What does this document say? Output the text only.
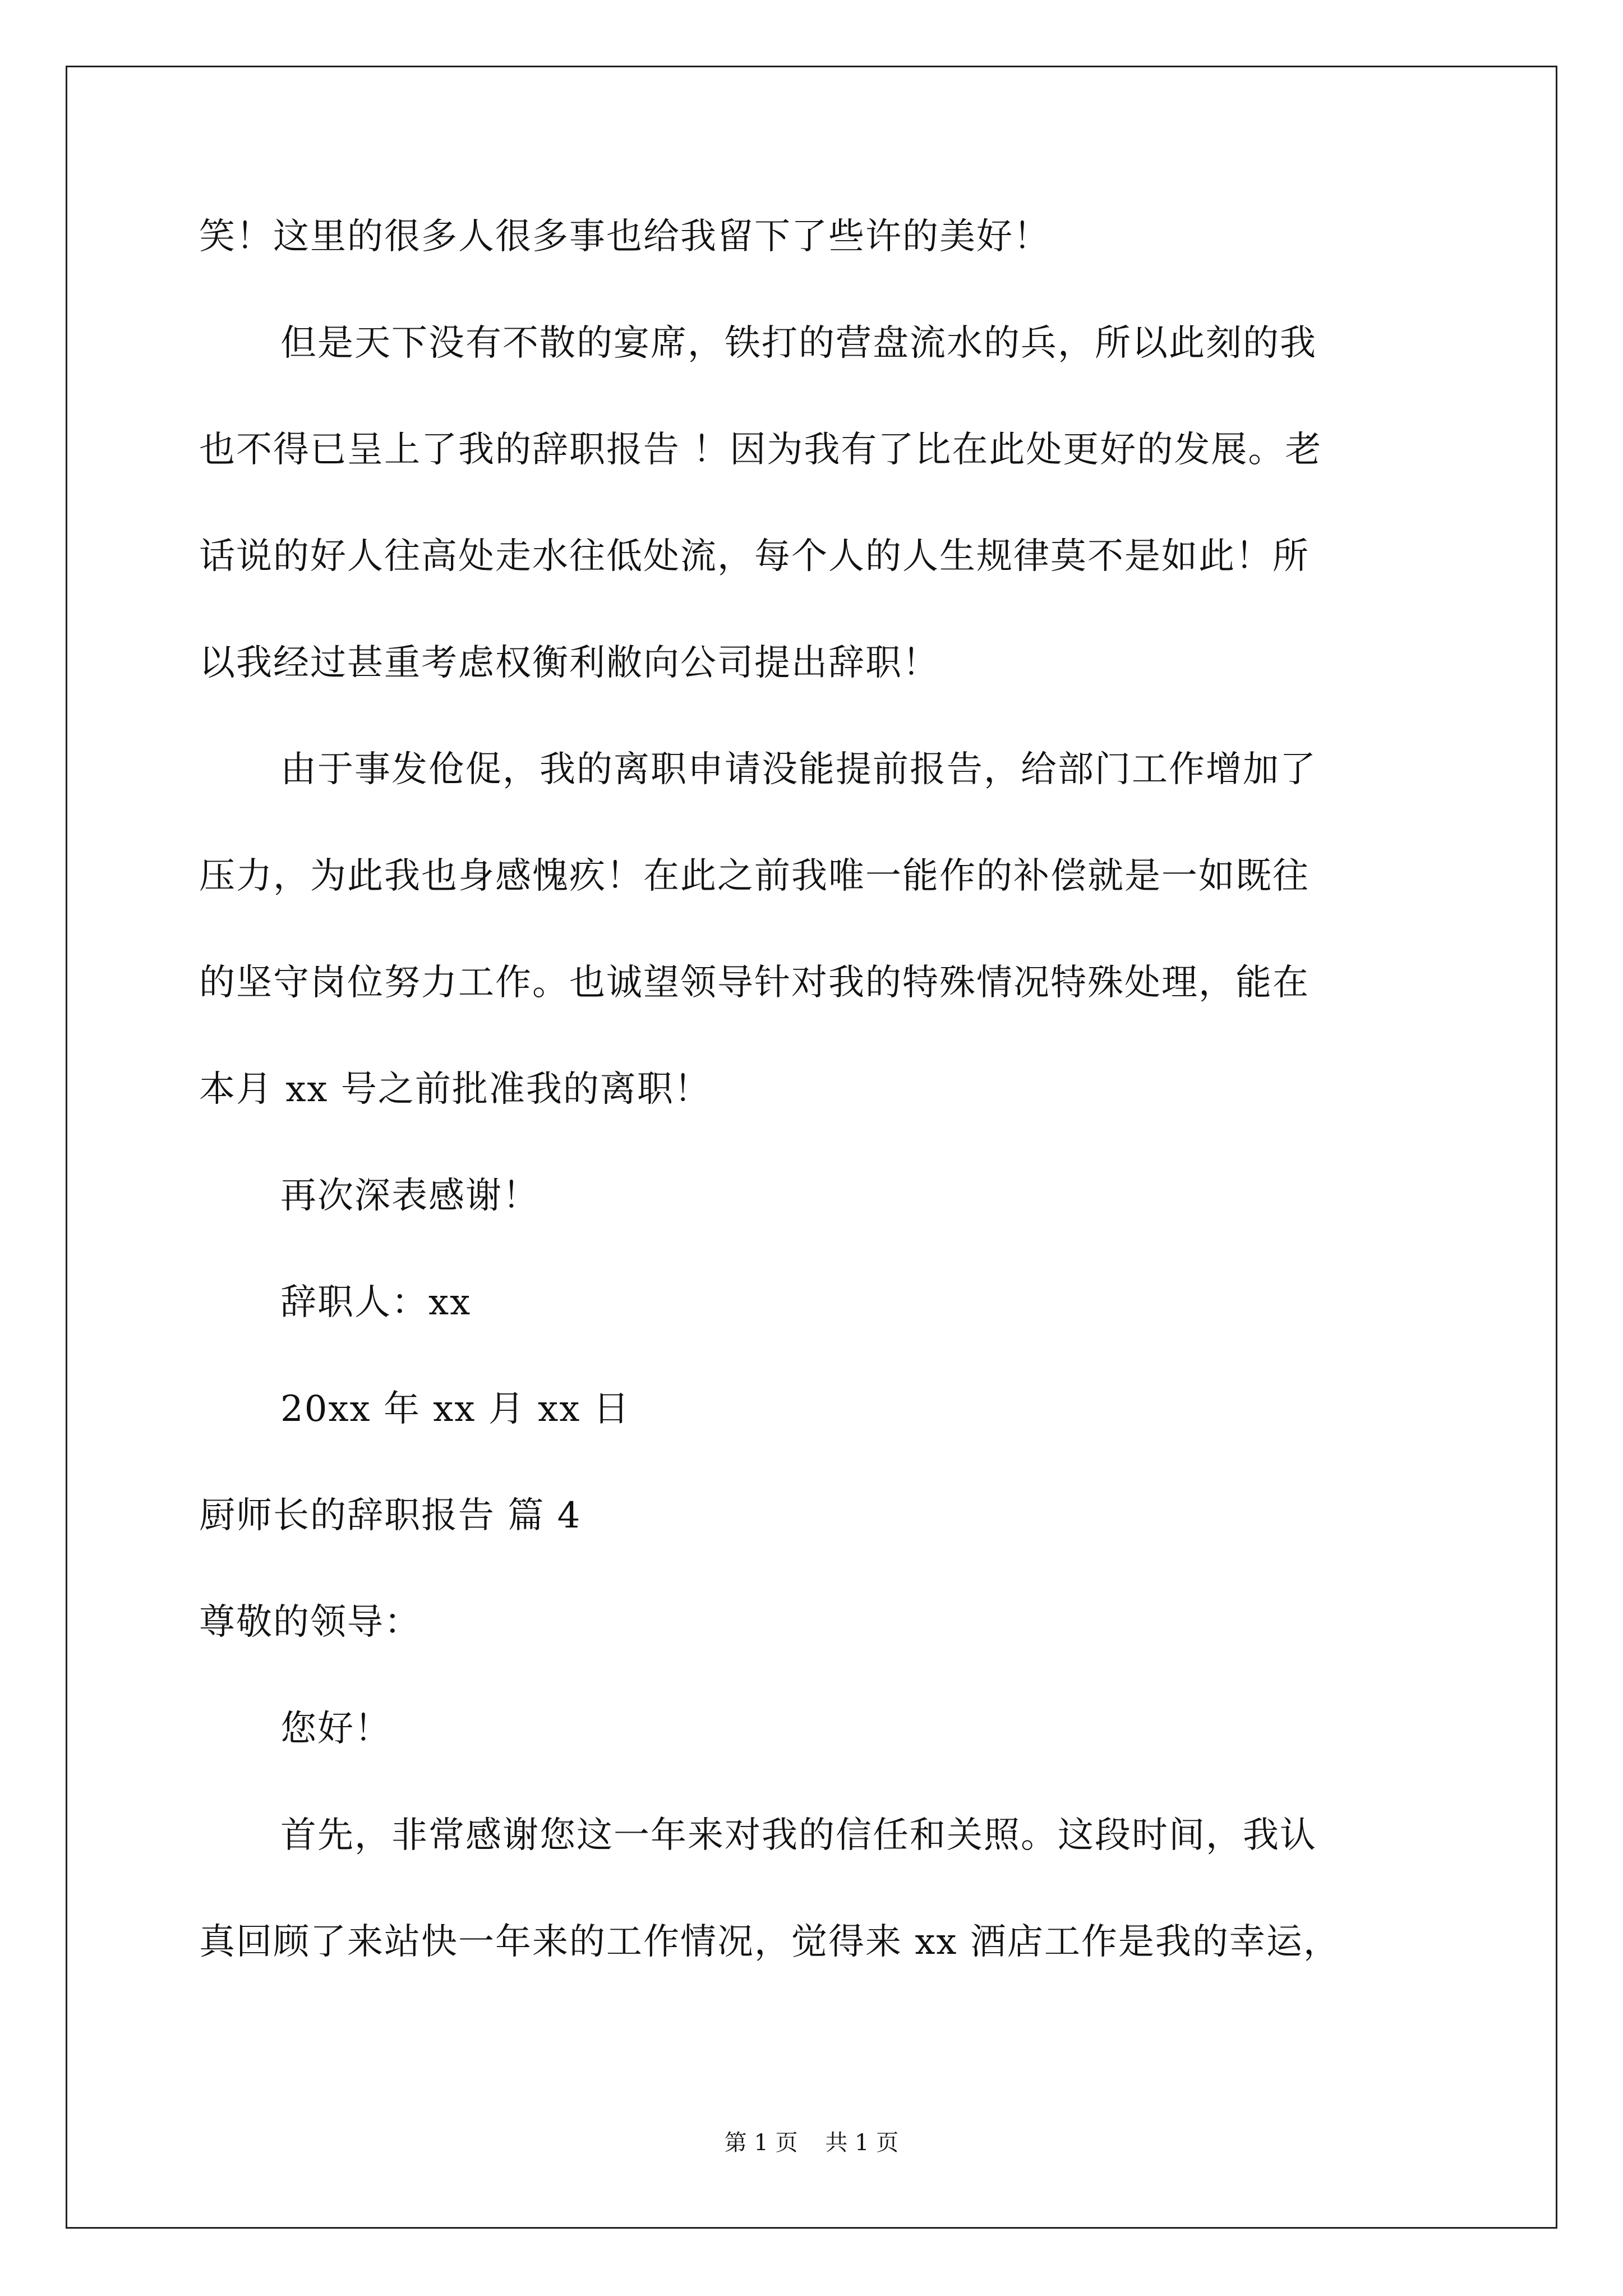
笑！这里的很多人很多事也给我留下了些许的美好！
但是天下没有不散的宴席，铁打的营盘流水的兵，所以此刻的我
也不得已呈上了我的辞职报告 ！因为我有了比在此处更好的发展。老
话说的好人往高处走水往低处流，每个人的人生规律莫不是如此！所
以我经过甚重考虑权衡利敝向公司提出辞职！
由于事发伧促，我的离职申请没能提前报告，给部门工作增加了
压力，为此我也身感愧疚！在此之前我唯一能作的补偿就是一如既往
的坚守岗位努力工作。也诚望领导针对我的特殊情况特殊处理，能在
本月 xx 号之前批准我的离职！
再次深表感谢！
辞职人：xx
20xx 年 xx 月 xx 日
厨师长的辞职报告 篇 4
尊敬的领导：
您好！
首先，非常感谢您这一年来对我的信任和关照。这段时间，我认
真回顾了来站快一年来的工作情况，觉得来 xx 酒店工作是我的幸运，
第 1 页 共 1 页
